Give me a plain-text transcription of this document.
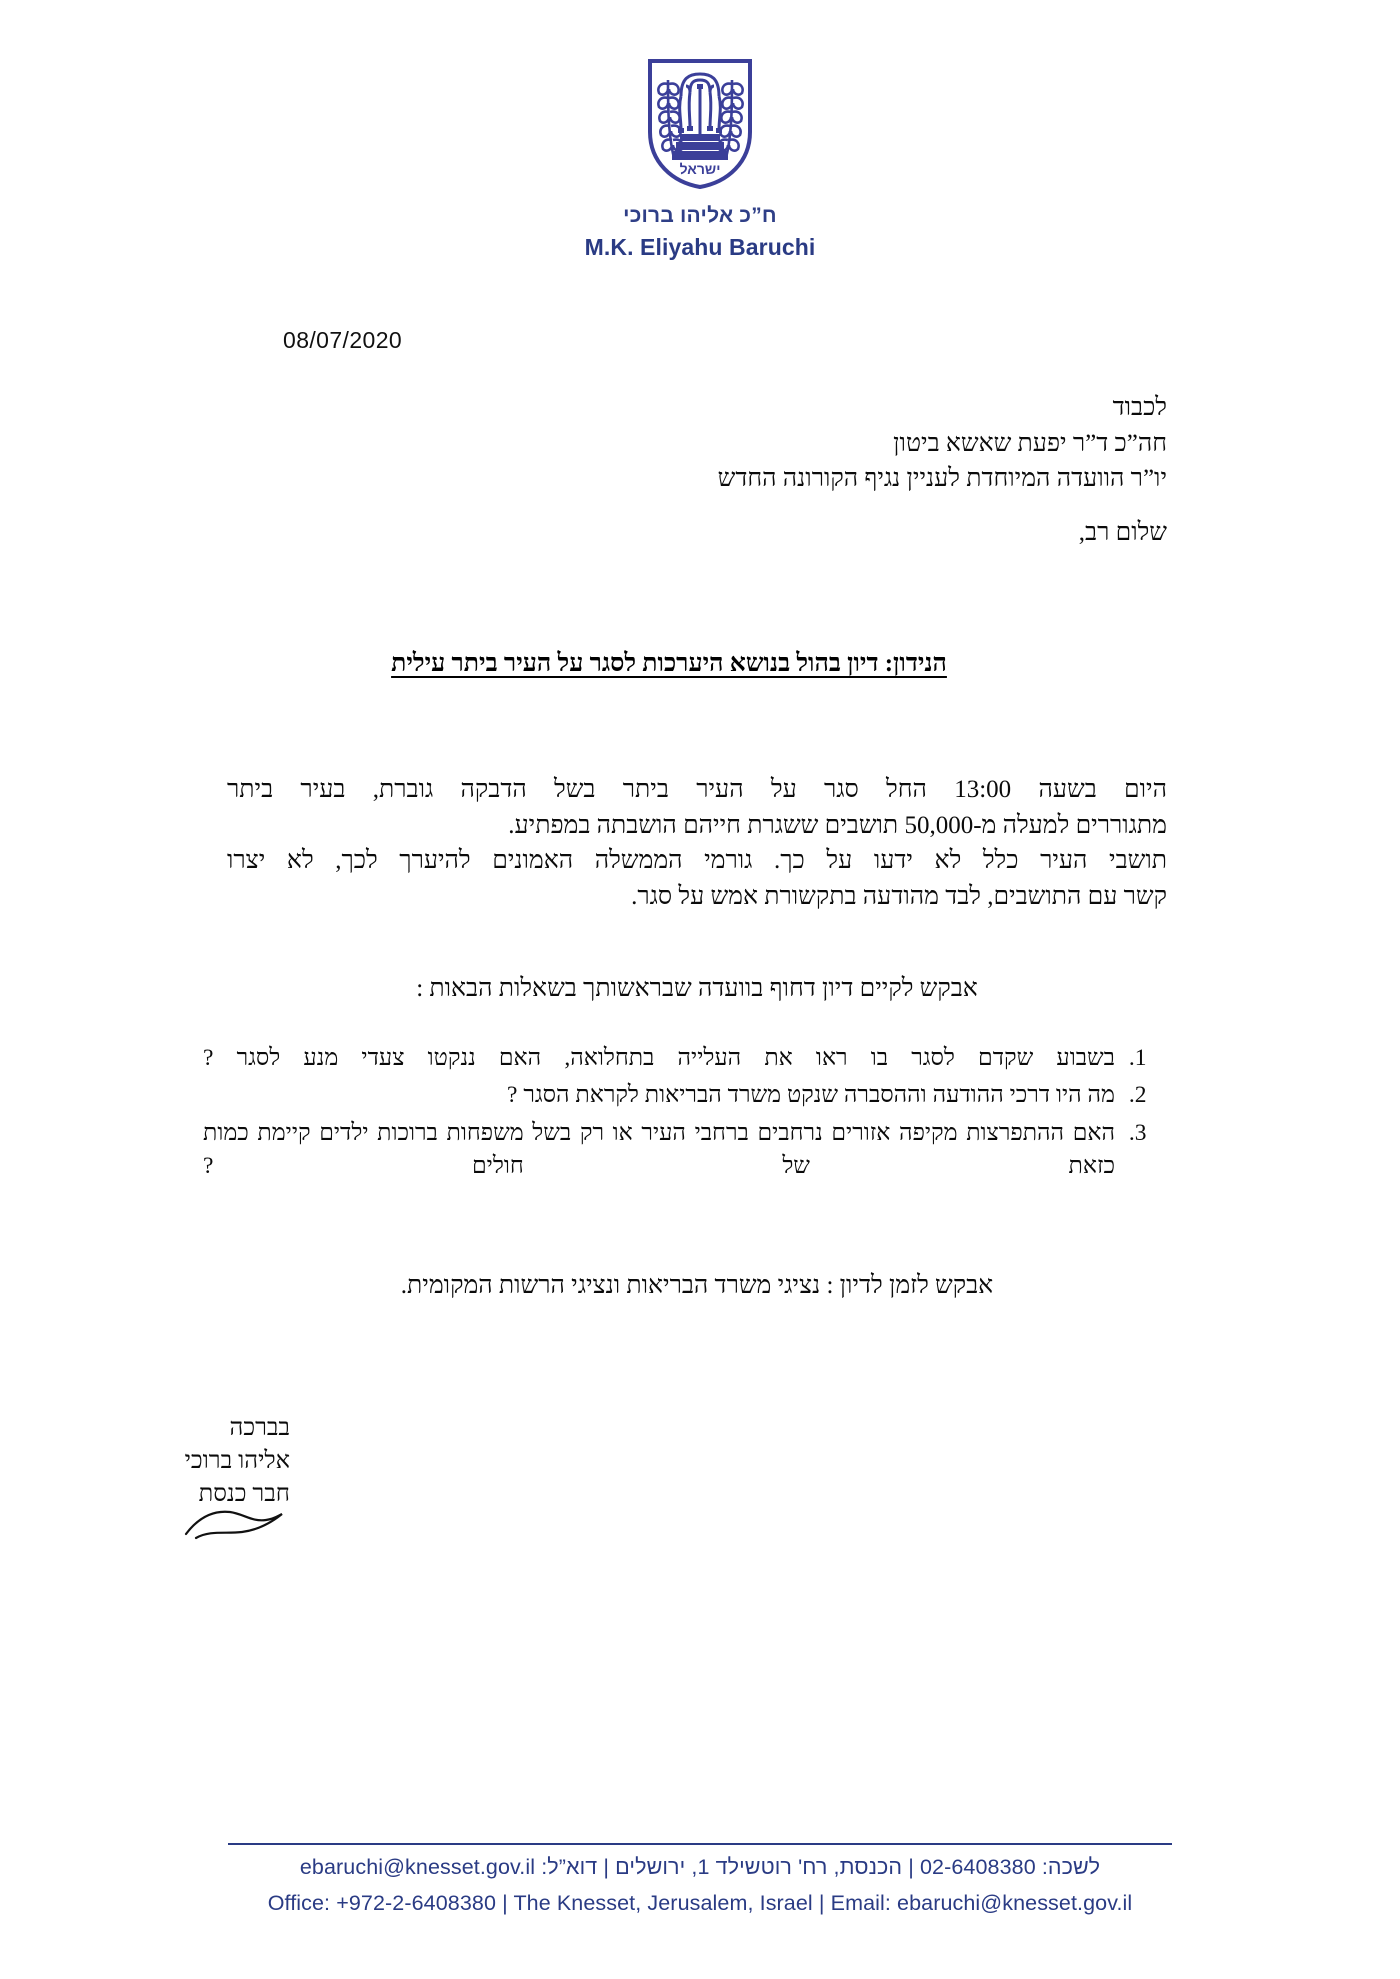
ישראל
ח”כ אליהו ברוכי
M.K. Eliyahu Baruchi
08/07/2020
לכבוד
חה”כ ד”ר יפעת שאשא ביטון
יו”ר הוועדה המיוחדת לעניין נגיף הקורונה החדש
שלום רב,
הנידון: דיון בהול בנושא היערכות לסגר על העיר ביתר עילית
היום בשעה 13:00 החל סגר על העיר ביתר בשל הדבקה גוברת, בעיר ביתר
מתגוררים למעלה מ-50,000 תושבים ששגרת חייהם הושבתה במפתיע.
תושבי העיר כלל לא ידעו על כך. גורמי הממשלה האמונים להיערך לכך, לא יצרו
קשר עם התושבים, לבד מהודעה בתקשורת אמש על סגר.
אבקש לקיים דיון דחוף בוועדה שבראשותך בשאלות הבאות :
1. בשבוע שקדם לסגר בו ראו את העלייה בתחלואה, האם ננקטו צעדי מנע לסגר ?
2. מה היו דרכי ההודעה וההסברה שנקט משרד הבריאות לקראת הסגר ?
3. האם ההתפרצות מקיפה אזורים נרחבים ברחבי העיר או רק בשל משפחות ברוכות ילדים קיימת כמות כזאת של חולים ?
אבקש לזמן לדיון : נציגי משרד הבריאות ונציגי הרשות המקומית.
בברכה
אליהו ברוכי
חבר כנסת
לשכה: 02-6408380 | הכנסת, רח' רוטשילד 1, ירושלים | דוא”ל: ebaruchi@knesset.gov.il
Office: +972-2-6408380 | The Knesset, Jerusalem, Israel | Email: ebaruchi@knesset.gov.il
